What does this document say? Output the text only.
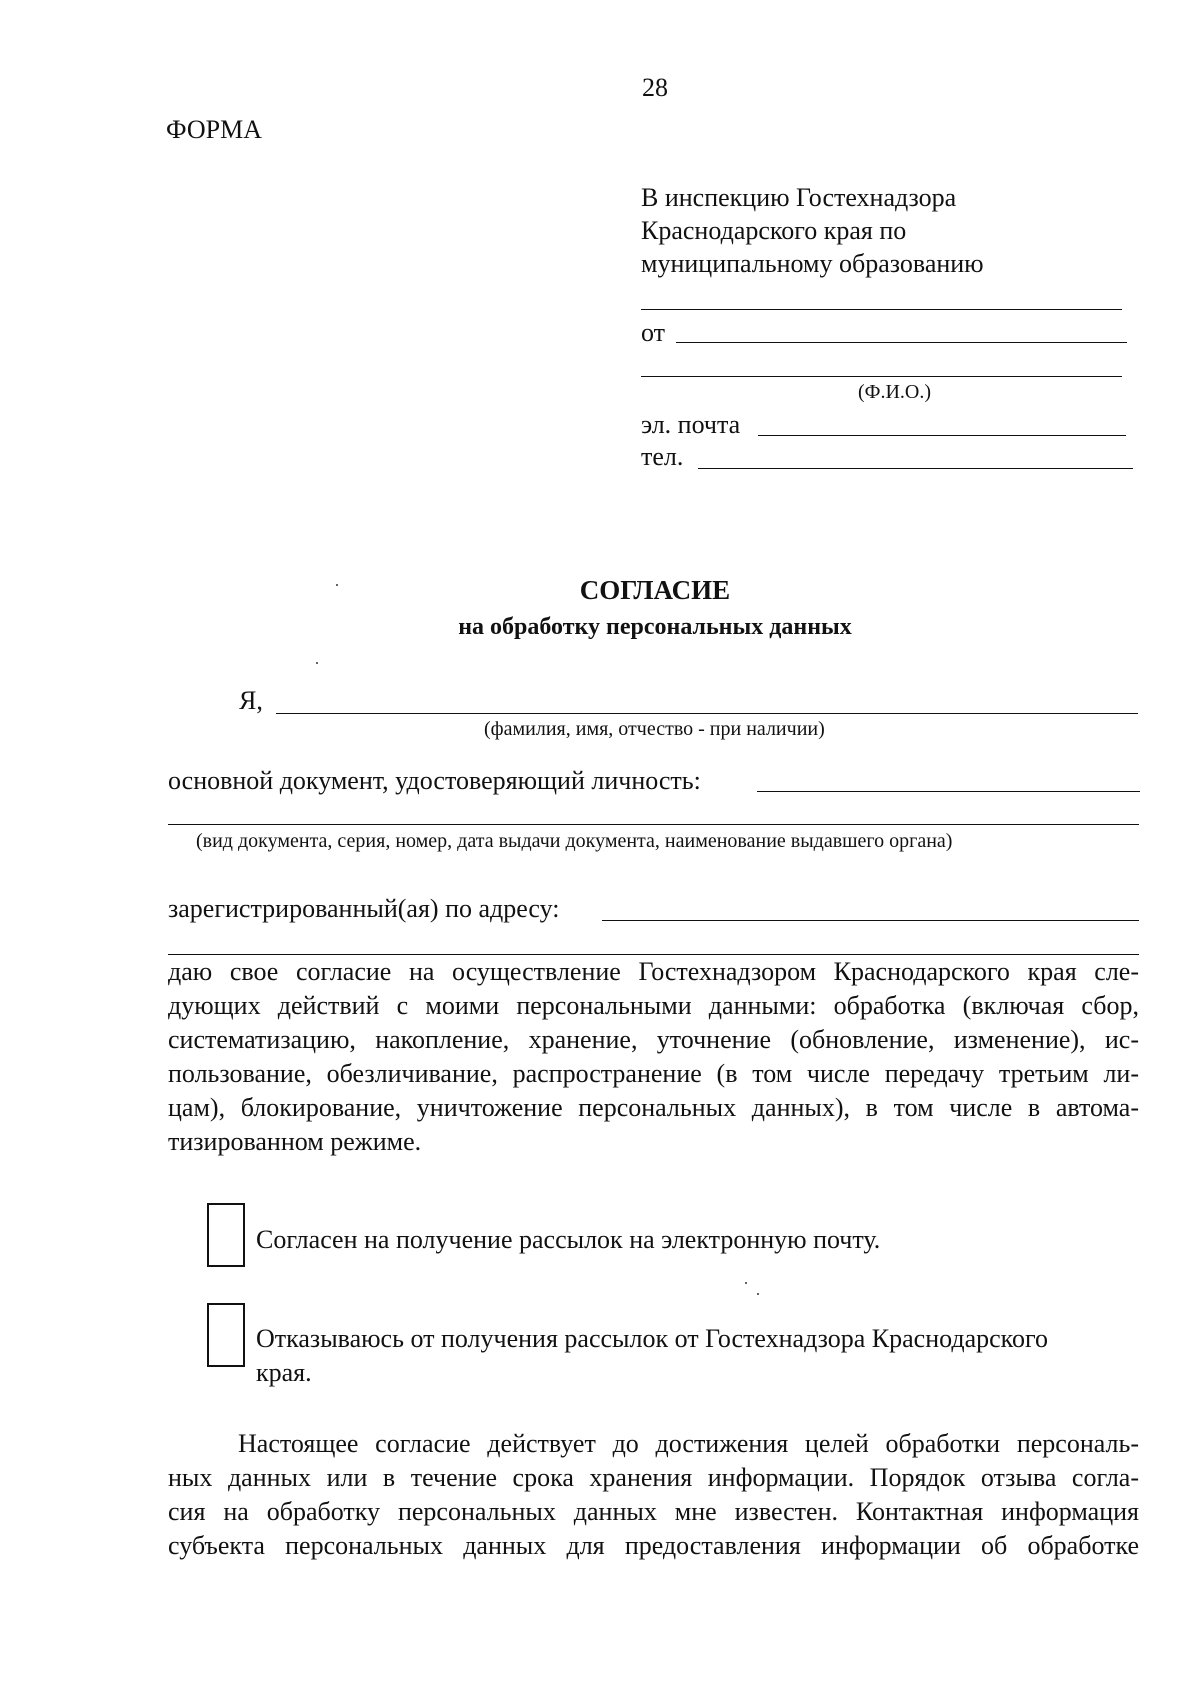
28
ФОРМА
В инспекцию Гостехнадзора
Краснодарского края по
муниципальному образованию
от
(Ф.И.О.)
эл. почта
тел.
СОГЛАСИЕ
на обработку персональных данных
Я,
(фамилия, имя, отчество - при наличии)
основной документ, удостоверяющий личность:
(вид документа, серия, номер, дата выдачи документа, наименование выдавшего органа)
зарегистрированный(ая) по адресу:
даю свое согласие на осуществление Гостехнадзором Краснодарского края сле-
дующих действий с моими персональными данными: обработка (включая сбор,
систематизацию, накопление, хранение, уточнение (обновление, изменение), ис-
пользование, обезличивание, распространение (в том числе передачу третьим ли-
цам), блокирование, уничтожение персональных данных), в том числе в автома-
тизированном режиме.
Согласен на получение рассылок на электронную почту.
Отказываюсь от получения рассылок от Гостехнадзора Краснодарского
края.
Настоящее согласие действует до достижения целей обработки персональ-
ных данных или в течение срока хранения информации. Порядок отзыва согла-
сия на обработку персональных данных мне известен. Контактная информация
субъекта персональных данных для предоставления информации об обработке
